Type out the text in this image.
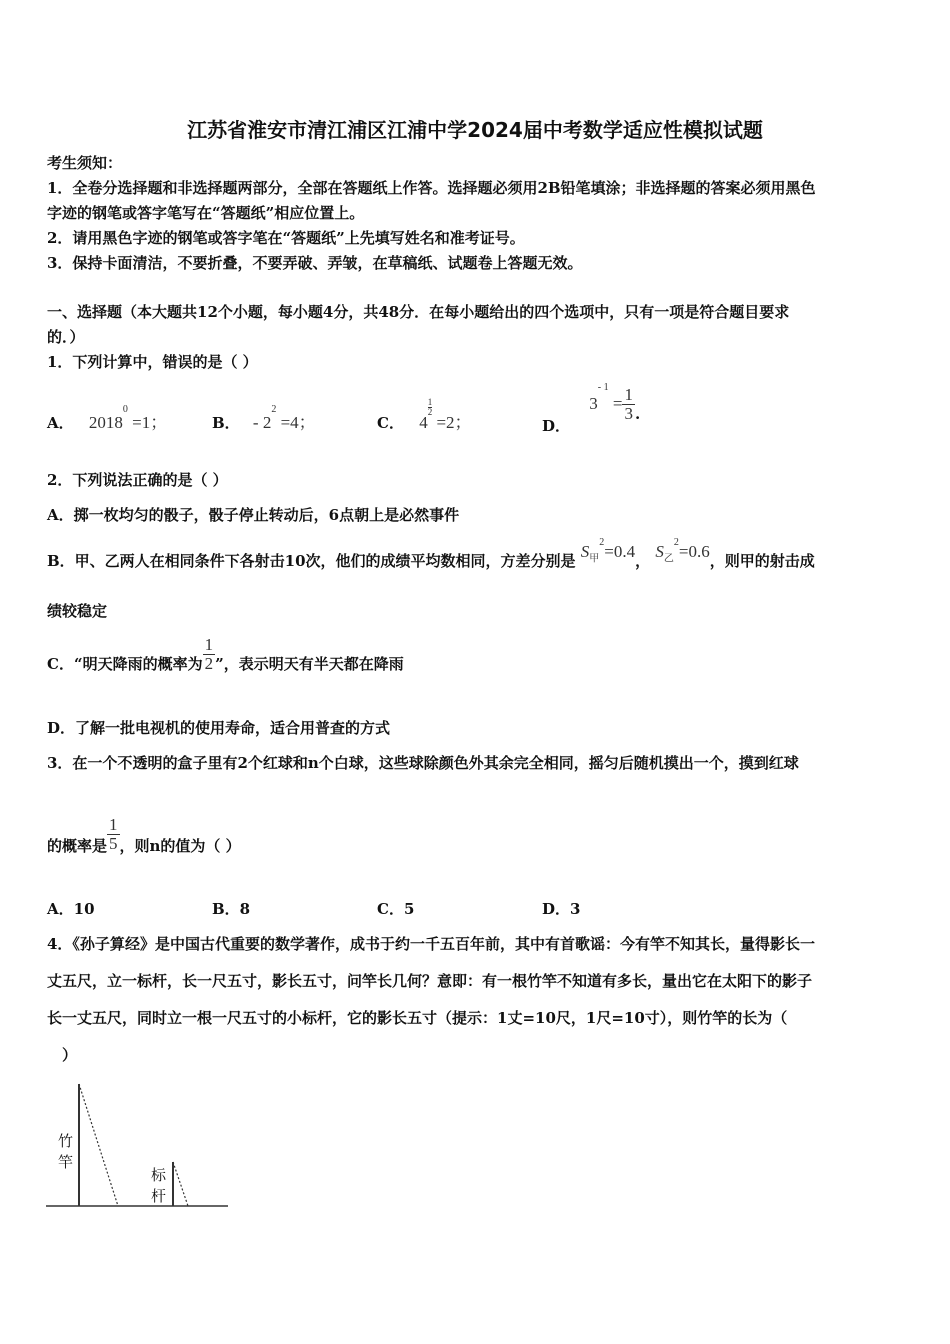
江苏省淮安市清江浦区江浦中学2024届中考数学适应性模拟试题
考生须知：
1．全卷分选择题和非选择题两部分，全部在答题纸上作答。选择题必须用2B铅笔填涂；非选择题的答案必须用黑色
字迹的钢笔或答字笔写在“答题纸”相应位置上。
2．请用黑色字迹的钢笔或答字笔在“答题纸”上先填写姓名和准考证号。
3．保持卡面清洁，不要折叠，不要弄破、弄皱，在草稿纸、试题卷上答题无效。
一、选择题（本大题共12个小题，每小题4分，共48分．在每小题给出的四个选项中，只有一项是符合题目要求
的．）
1．下列计算中，错误的是（ ）
A． $2018^0 =1$；	B． - $2^2 =4$；	C． 4
$\frac{1}{2}$
=2；	D． $3^{- 1} = \frac{1}{3}$ .
2．下列说法正确的是（ ）
A．掷一枚均匀的骰子，骰子停止转动后，6点朝上是必然事件
B．甲、乙两人在相同条件下各射击10次，他们的成绩平均数相同，方差分别是 $S_甲^2=0.4$， $S_乙^2=0.6$，则甲的射击成
绩较稳定
C．“明天降雨的概率为 $\frac{1}{2}$ ”，表示明天有半天都在降雨
D．了解一批电视机的使用寿命，适合用普查的方式
3．在一个不透明的盒子里有2个红球和n个白球，这些球除颜色外其余完全相同，摇匀后随机摸出一个，摸到红球
的概率是 $\frac{1}{5}$ ，则n的值为（ ）
A．10	B．8	C．5	D．3
4．《孙子算经》是中国古代重要的数学著作，成书于约一千五百年前，其中有首歌谣：今有竿不知其长，量得影长一
丈五尺，立一标杆，长一尺五寸，影长五寸，问竿长几何？意即：有一根竹竿不知道有多长，量出它在太阳下的影子
长一丈五尺，同时立一根一尺五寸的小标杆，它的影长五寸（提示：1丈=10尺，1尺=10寸），则竹竿的长为（
）
竹
竿
标
杆
